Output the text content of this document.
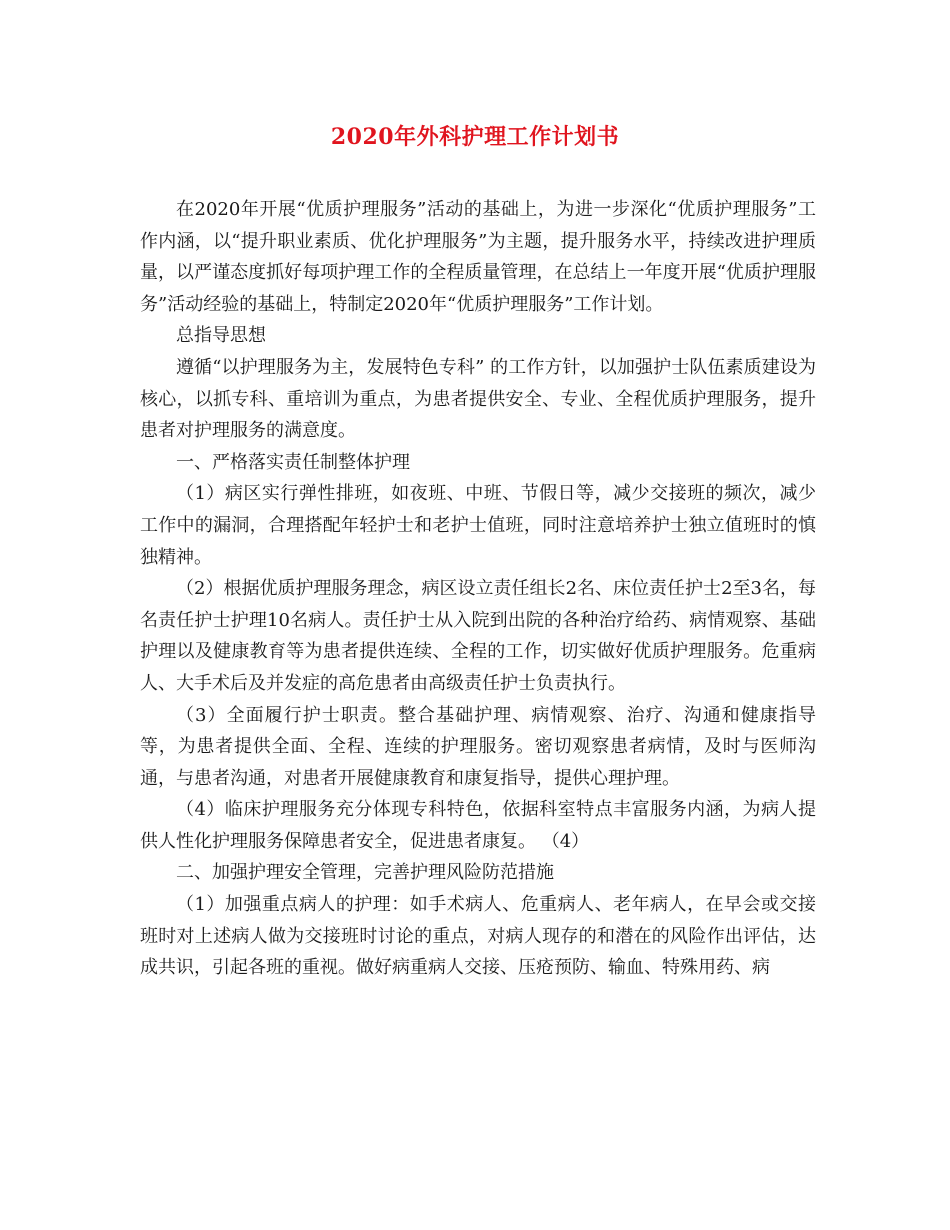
2020年外科护理工作计划书

在2020年开展“优质护理服务”活动的基础上，为进一步深化“优质护理服务”工作内涵，以“提升职业素质、优化护理服务”为主题，提升服务水平，持续改进护理质量，以严谨态度抓好每项护理工作的全程质量管理，在总结上一年度开展“优质护理服务”活动经验的基础上，特制定2020年“优质护理服务”工作计划。

总指导思想

遵循“以护理服务为主，发展特色专科” 的工作方针，以加强护士队伍素质建设为核心，以抓专科、重培训为重点，为患者提供安全、专业、全程优质护理服务，提升患者对护理服务的满意度。

一、严格落实责任制整体护理

（1）病区实行弹性排班，如夜班、中班、节假日等，减少交接班的频次，减少工作中的漏洞，合理搭配年轻护士和老护士值班，同时注意培养护士独立值班时的慎独精神。

（2）根据优质护理服务理念，病区设立责任组长2名、床位责任护士2至3名，每名责任护士护理10名病人。责任护士从入院到出院的各种治疗给药、病情观察、基础护理以及健康教育等为患者提供连续、全程的工作，切实做好优质护理服务。危重病人、大手术后及并发症的高危患者由高级责任护士负责执行。

（3）全面履行护士职责。整合基础护理、病情观察、治疗、沟通和健康指导等，为患者提供全面、全程、连续的护理服务。密切观察患者病情，及时与医师沟通，与患者沟通，对患者开展健康教育和康复指导，提供心理护理。

（4）临床护理服务充分体现专科特色，依据科室特点丰富服务内涵，为病人提供人性化护理服务保障患者安全，促进患者康复。 （4）

二、加强护理安全管理，完善护理风险防范措施

（1）加强重点病人的护理：如手术病人、危重病人、老年病人，在早会或交接班时对上述病人做为交接班时讨论的重点，对病人现存的和潜在的风险作出评估，达成共识，引起各班的重视。做好病重病人交接、压疮预防、输血、特殊用药、病
